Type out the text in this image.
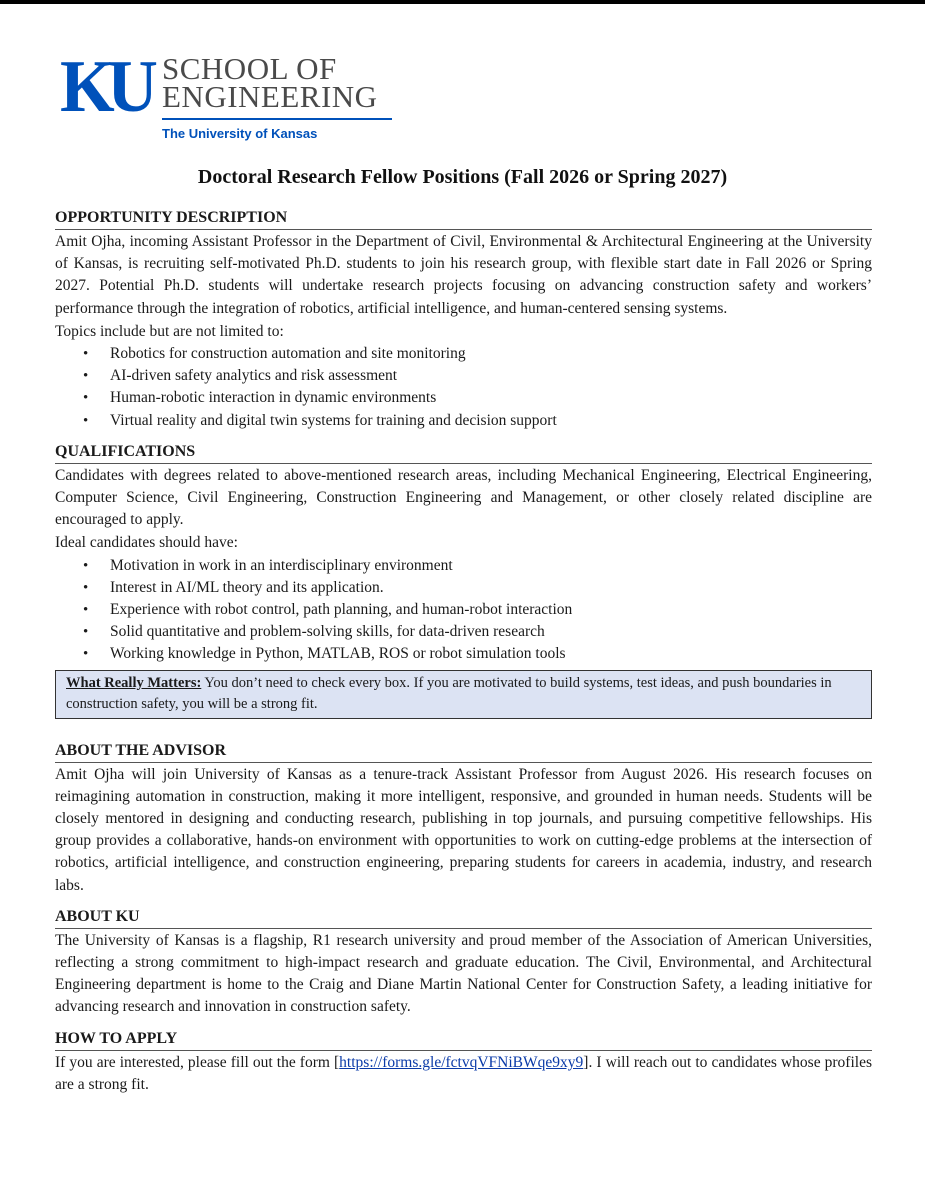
KU SCHOOL OF
ENGINEERING
The University of Kansas
Doctoral Research Fellow Positions (Fall 2026 or Spring 2027)
OPPORTUNITY DESCRIPTION

Amit Ojha, incoming Assistant Professor in the Department of Civil, Environmental & Architectural Engineering at the University of Kansas, is recruiting self-motivated Ph.D. students to join his research group, with flexible start date in Fall 2026 or Spring 2027. Potential Ph.D. students will undertake research projects focusing on advancing construction safety and workers’ performance through the integration of robotics, artificial intelligence, and human-centered sensing systems.

Topics include but are not limited to:

• Robotics for construction automation and site monitoring
• AI-driven safety analytics and risk assessment
• Human-robotic interaction in dynamic environments
• Virtual reality and digital twin systems for training and decision support
QUALIFICATIONS

Candidates with degrees related to above-mentioned research areas, including Mechanical Engineering, Electrical Engineering, Computer Science, Civil Engineering, Construction Engineering and Management, or other closely related discipline are encouraged to apply.

Ideal candidates should have:

• Motivation in work in an interdisciplinary environment
• Interest in AI/ML theory and its application.
• Experience with robot control, path planning, and human-robot interaction
• Solid quantitative and problem-solving skills, for data-driven research
• Working knowledge in Python, MATLAB, ROS or robot simulation tools
What Really Matters: You don’t need to check every box. If you are motivated to build systems, test ideas, and push boundaries in construction safety, you will be a strong fit.
ABOUT THE ADVISOR

Amit Ojha will join University of Kansas as a tenure-track Assistant Professor from August 2026. His research focuses on reimagining automation in construction, making it more intelligent, responsive, and grounded in human needs. Students will be closely mentored in designing and conducting research, publishing in top journals, and pursuing competitive fellowships. His group provides a collaborative, hands-on environment with opportunities to work on cutting-edge problems at the intersection of robotics, artificial intelligence, and construction engineering, preparing students for careers in academia, industry, and research labs.

ABOUT KU

The University of Kansas is a flagship, R1 research university and proud member of the Association of American Universities, reflecting a strong commitment to high-impact research and graduate education. The Civil, Environmental, and Architectural Engineering department is home to the Craig and Diane Martin National Center for Construction Safety, a leading initiative for advancing research and innovation in construction safety.

HOW TO APPLY

If you are interested, please fill out the form [https://forms.gle/fctvqVFNiBWqe9xy9]. I will reach out to candidates whose profiles are a strong fit.
